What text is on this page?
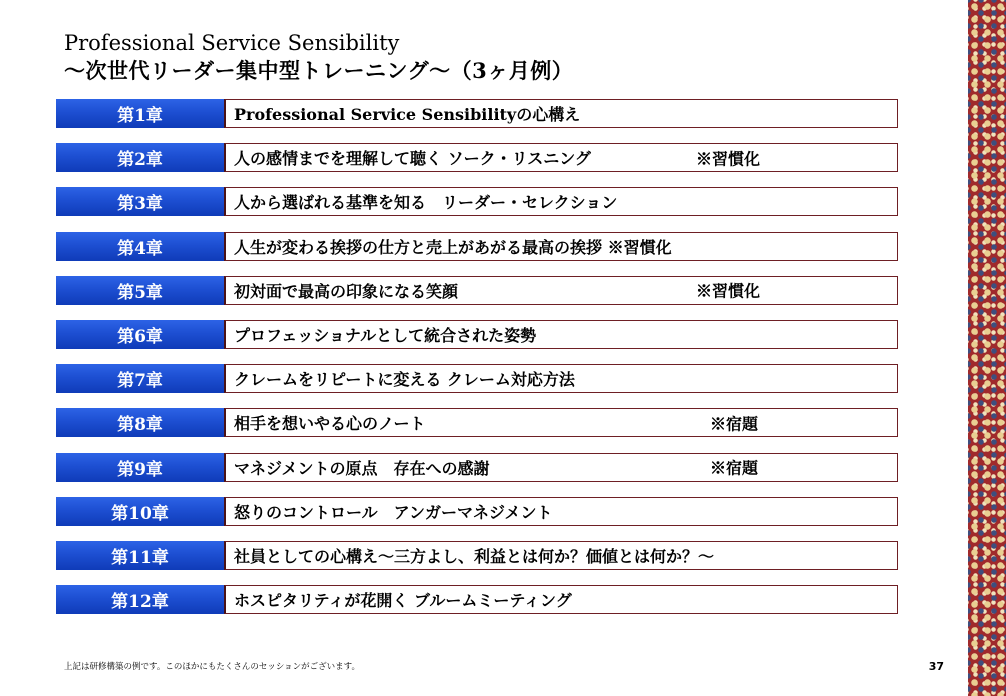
Professional Service Sensibility
～次世代リーダー集中型トレーニング～（3ヶ月例）
第1章	Professional Service Sensibilityの心構え
第2章	人の感情までを理解して聴く ソーク・リスニング	※習慣化
第3章	人から選ばれる基準を知る　リーダー・セレクション
第4章	人生が変わる挨拶の仕方と売上があがる最高の挨拶 ※習慣化
第5章	初対面で最高の印象になる笑顔	※習慣化
第6章	プロフェッショナルとして統合された姿勢
第7章	クレームをリピートに変える クレーム対応方法
第8章	相手を想いやる心のノート	※宿題
第9章	マネジメントの原点　存在への感謝	※宿題
第10章	怒りのコントロール　アンガーマネジメント
第11章	社員としての心構え～三方よし、利益とは何か？価値とは何か？～
第12章	ホスピタリティが花開く ブルームミーティング
上記は研修構築の例です。このほかにもたくさんのセッションがございます。	37
